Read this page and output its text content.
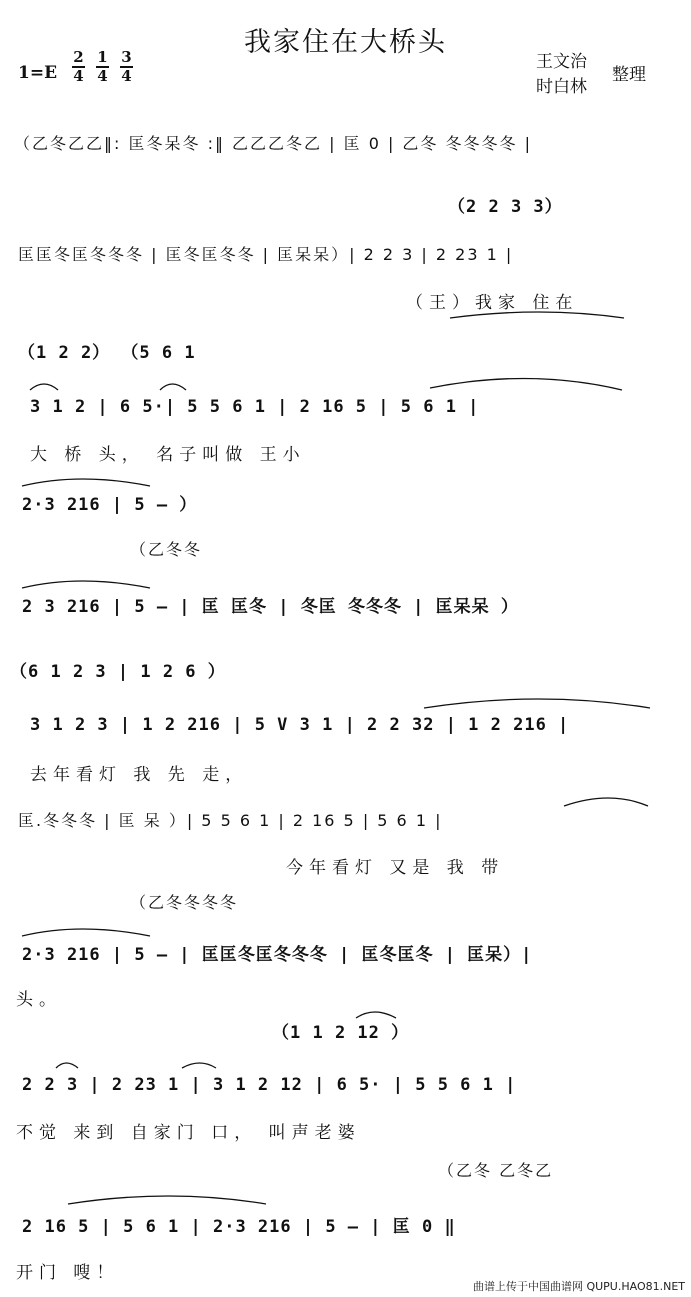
我家住在大桥头
1=E
2
4
1
4
3
4
王文治
时白林
整理
（乙冬乙乙‖: 匡冬呆冬 :‖ 乙乙乙冬乙 | 匡 0 | 乙冬 冬冬冬冬 |
（2 2 3 3）
匡匡冬匡冬冬冬 | 匡冬匡冬冬 | 匡呆呆）| 2 2 3 | 2 23 1 |
（王）我家 住在
（1 2 2） （5 6 1
3 1 2 | 6 5·| 5 5 6 1 | 2 16 5 | 5 6 1 |
大 桥 头， 名子叫做 王小
2·3 216 | 5 – ）
（乙冬冬
2 3 216 | 5 – | 匡 匡冬 | 冬匡 冬冬冬 | 匡呆呆 ）
（6 1 2 3 | 1 2 6 ）
3 1 2 3 | 1 2 216 | 5 V 3 1 | 2 2 32 | 1 2 216 |
去年看灯 我 先 走，
匡.冬冬冬 | 匡 呆 ）| 5 5 6 1 | 2 16 5 | 5 6 1 |
今年看灯 又是 我 带
（乙冬冬冬冬
2·3 216 | 5 – | 匡匡冬匡冬冬冬 | 匡冬匡冬 | 匡呆）|
头。
（1 1 2 12 ）
2 2 3 | 2 23 1 | 3 1 2 12 | 6 5· | 5 5 6 1 |
不觉 来到 自家门 口， 叫声老婆
（乙冬 乙冬乙
2 16 5 | 5 6 1 | 2·3 216 | 5 – | 匡 0 ‖
开门 嗖！
曲谱上传于中国曲谱网 QUPU.HAO81.NET
